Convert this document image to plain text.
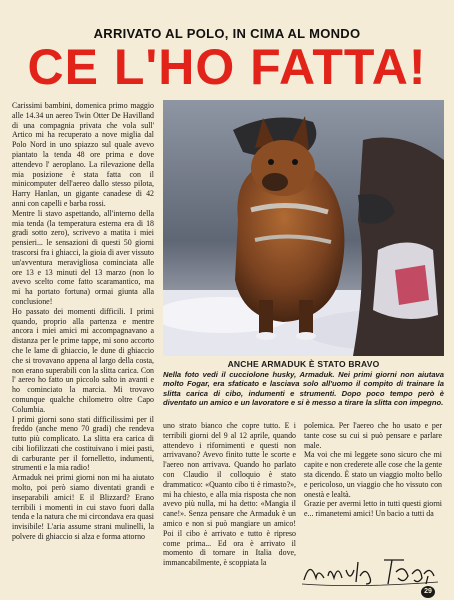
ARRIVATO AL POLO, IN CIMA AL MONDO
CE L'HO FATTA!

Carissimi bambini, domenica primo maggio alle 14.34 un aereo Twin Otter De Havilland di una compagnia privata che vola sull' Artico mi ha recuperato a nove miglia dal Polo Nord in uno spiazzo sul quale avevo piantato la tenda 48 ore prima e dove attendevo l' aeroplano. La rilevazione della mia posizione è stata fatta con il minicomputer dell'aereo dallo stesso pilota, Harry Hanlan, un gigante canadese di 42 anni con capelli e barba rossi.

Mentre li stavo aspettando, all'interno della mia tenda (la temperatura esterna era di 18 gradi sotto zero), scrivevo a matita i miei pensieri... le sensazioni di questi 50 giorni trascorsi fra i ghiacci, la gioia di aver vissuto un'avventura meravigliosa cominciata alle ore 13 e 13 minuti del 13 marzo (non lo avevo scelto come fatto scaramantico, ma mi ha portato fortuna) ormai giunta alla conclusione!

Ho passato dei momenti difficili. I primi quando, proprio alla partenza e mentre ancora i miei amici mi accompagnavano a distanza per le prime tappe, mi sono accorto che le lame di ghiaccio, le dune di ghiaccio che si trovavano appena al largo della costa, non erano superabili con la slitta carica. Con l' aereo ho fatto un piccolo salto in avanti e ho cominciato la marcia. Mi trovavo comunque qualche chilometro oltre Capo Columbia.

I primi giorni sono stati difficilissimi per il freddo (anche meno 70 gradi) che rendeva tutto più complicato. La slitta era carica di cibi liofilizzati che costituivano i miei pasti, di carburante per il fornelletto, indumenti, strumenti e la mia radio!

Armaduk nei primi giorni non mi ha aiutato molto, poi però siamo diventati grandi e inseparabili amici! E il Blizzard? Erano terribili i momenti in cui stavo fuori dalla tenda e la natura che mi circondava era quasi invisibile! L'aria assume strani mulinelli, la polvere di ghiaccio si alza e forma attorno

ANCHE ARMADUK È STATO BRAVO
Nella foto vedi il cucciolone husky, Armaduk. Nei primi giorni non aiutava molto Fogar, era sfaticato e lasciava solo all'uomo il compito di trainare la slitta carica di cibo, indumenti e strumenti. Dopo poco tempo però è diventato un amico e un lavoratore e si è messo a tirare la slitta con impegno.

uno strato bianco che copre tutto. E i terribili giorni del 9 al 12 aprile, quando attendevo i rifornimenti e questi non arrivavano? Avevo finito tutte le scorte e l'aereo non arrivava. Quando ho parlato con Claudio il colloquio è stato drammatico: «Quanto cibo ti è rimasto?», mi ha chiesto, e alla mia risposta che non avevo più nulla, mi ha detto: «Mangia il cane!». Senza pensare che Armaduk è un amico e non si può mangiare un amico! Poi il cibo è arrivato e tutto è ripreso come prima... Ed ora è arrivato il momento di tornare in Italia dove, immancabilmente, è scoppiata la

polemica. Per l'aereo che ho usato e per tante cose su cui si può pensare e parlare male.

Ma voi che mi leggete sono sicuro che mi capite e non crederete alle cose che la gente sta dicendo. È stato un viaggio molto bello e pericoloso, un viaggio che ho vissuto con onestà e lealtà.

Grazie per avermi letto in tutti questi giorni e... rimanetemi amici! Un bacio a tutti da

29
